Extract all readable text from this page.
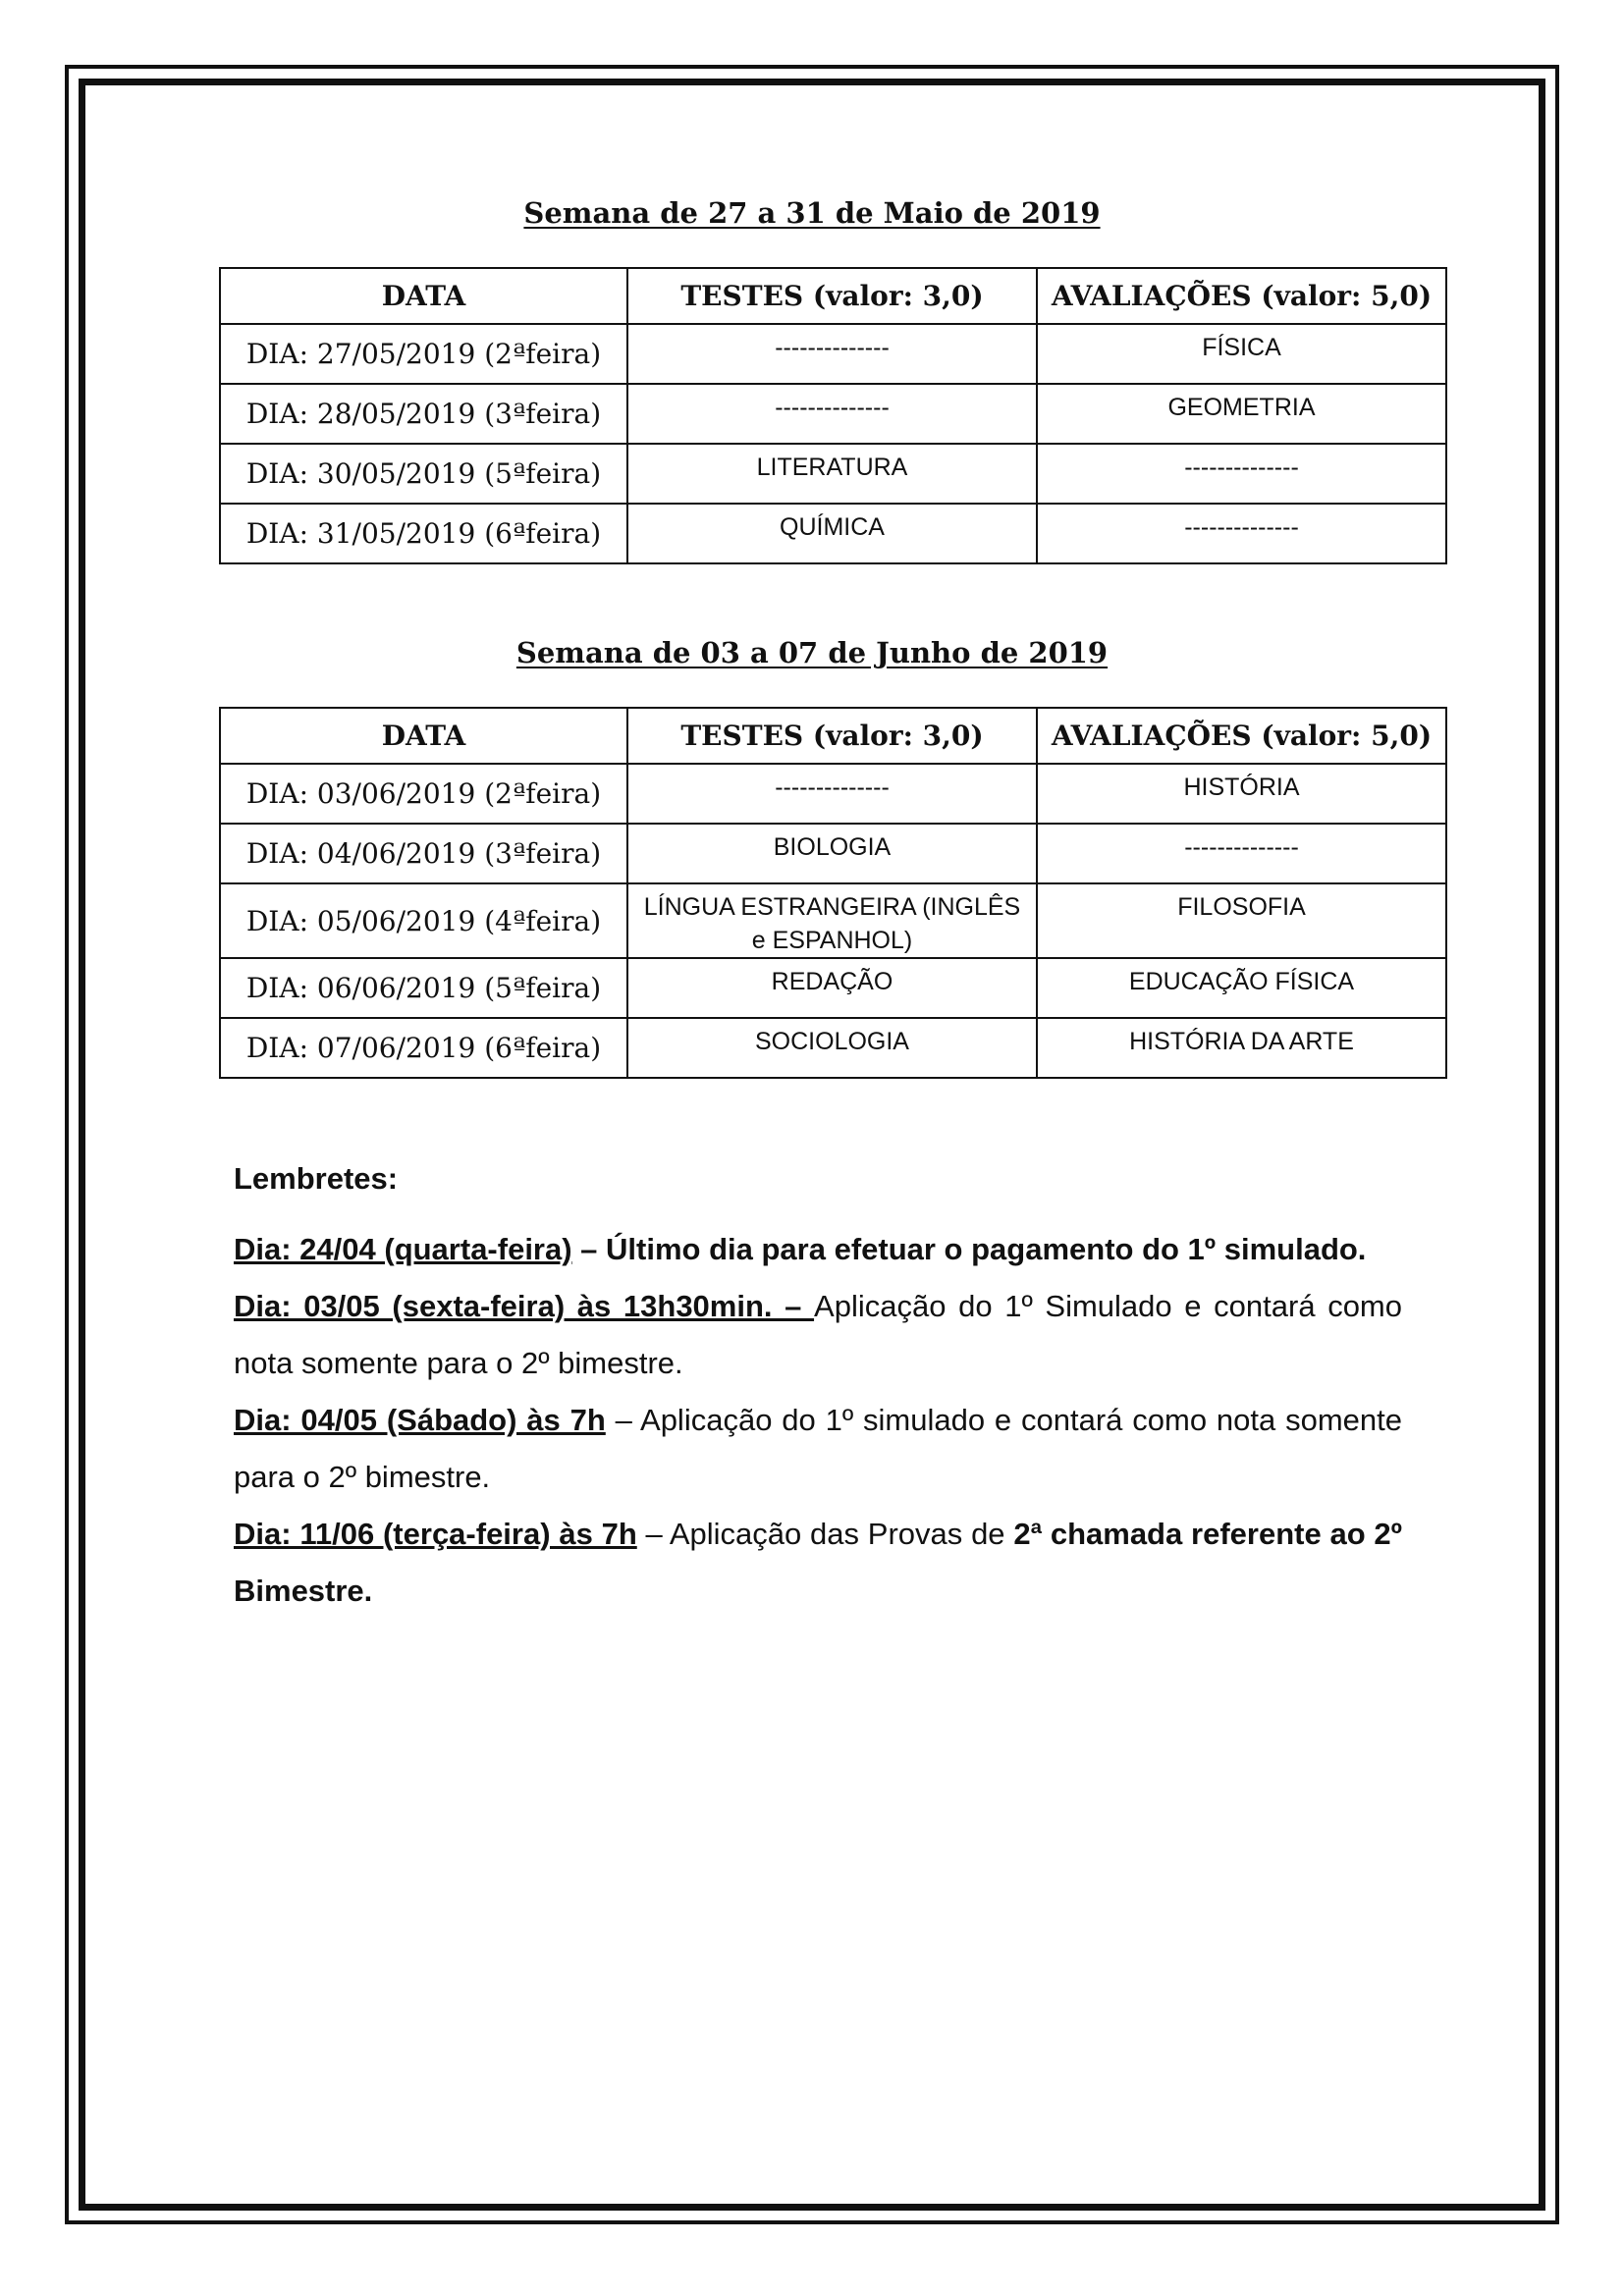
Semana de 27 a 31 de Maio de 2019
DATA	TESTES (valor: 3,0)	AVALIAÇÕES (valor: 5,0)
DIA: 27/05/2019 (2ªfeira)	--------------	FÍSICA
DIA: 28/05/2019 (3ªfeira)	--------------	GEOMETRIA
DIA: 30/05/2019 (5ªfeira)	LITERATURA	--------------
DIA: 31/05/2019 (6ªfeira)	QUÍMICA	--------------
Semana de 03 a 07 de Junho de 2019
DATA	TESTES (valor: 3,0)	AVALIAÇÕES (valor: 5,0)
DIA: 03/06/2019 (2ªfeira)	--------------	HISTÓRIA
DIA: 04/06/2019 (3ªfeira)	BIOLOGIA	--------------
DIA: 05/06/2019 (4ªfeira)	LÍNGUA ESTRANGEIRA (INGLÊS e ESPANHOL)	FILOSOFIA
DIA: 06/06/2019 (5ªfeira)	REDAÇÃO	EDUCAÇÃO FÍSICA
DIA: 07/06/2019 (6ªfeira)	SOCIOLOGIA	HISTÓRIA DA ARTE
Lembretes:

Dia: 24/04 (quarta-feira) – Último dia para efetuar o pagamento do 1º simulado.

Dia: 03/05 (sexta-feira) às 13h30min. – Aplicação do 1º Simulado e contará como nota somente para o 2º bimestre.

Dia: 04/05 (Sábado) às 7h – Aplicação do 1º simulado e contará como nota somente para o 2º bimestre.

Dia: 11/06 (terça-feira) às 7h – Aplicação das Provas de 2ª chamada referente ao 2º Bimestre.
